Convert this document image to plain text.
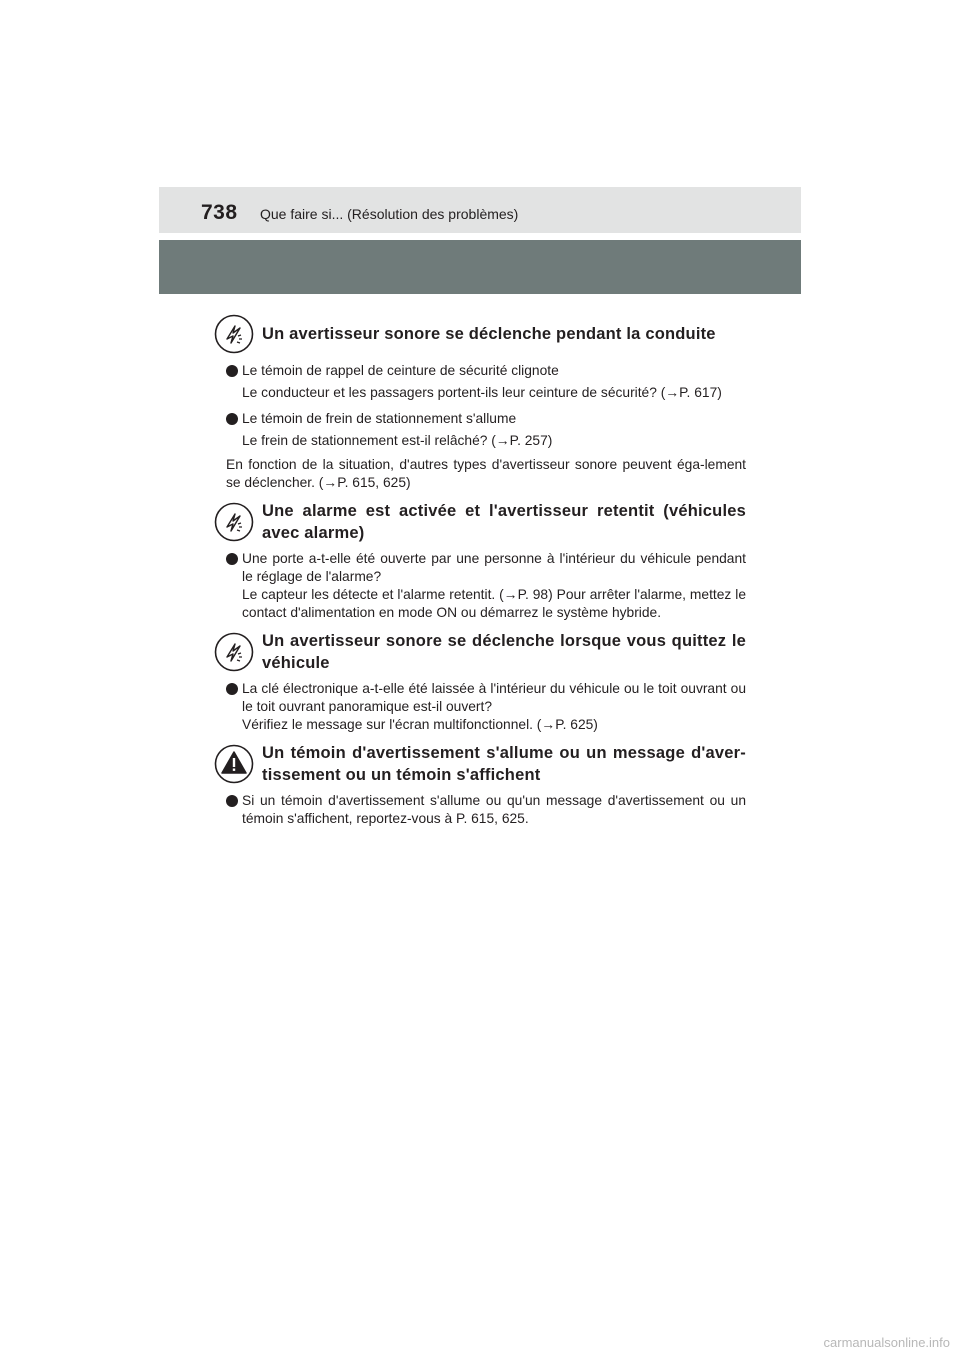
738 Que faire si... (Résolution des problèmes)
Un avertisseur sonore se déclenche pendant la conduite

Le témoin de rappel de ceinture de sécurité clignote

Le conducteur et les passagers portent-ils leur ceinture de sécurité? (→P. 617)

Le témoin de frein de stationnement s'allume

Le frein de stationnement est-il relâché? (→P. 257)

En fonction de la situation, d'autres types d'avertisseur sonore peuvent éga-lement se déclencher. (→P. 615, 625)

Une alarme est activée et l'avertisseur retentit (véhicules avec alarme)

Une porte a-t-elle été ouverte par une personne à l'intérieur du véhicule pendant le réglage de l'alarme?

Le capteur les détecte et l'alarme retentit. (→P. 98) Pour arrêter l'alarme, mettez le contact d'alimentation en mode ON ou démarrez le système hybride.

Un avertisseur sonore se déclenche lorsque vous quittez le véhicule

La clé électronique a-t-elle été laissée à l'intérieur du véhicule ou le toit ouvrant ou le toit ouvrant panoramique est-il ouvert?

Vérifiez le message sur l'écran multifonctionnel. (→P. 625)

Un témoin d'avertissement s'allume ou un message d'aver-tissement ou un témoin s'affichent

Si un témoin d'avertissement s'allume ou qu'un message d'avertissement ou un témoin s'affichent, reportez-vous à P. 615, 625.

carmanualsonline.info
